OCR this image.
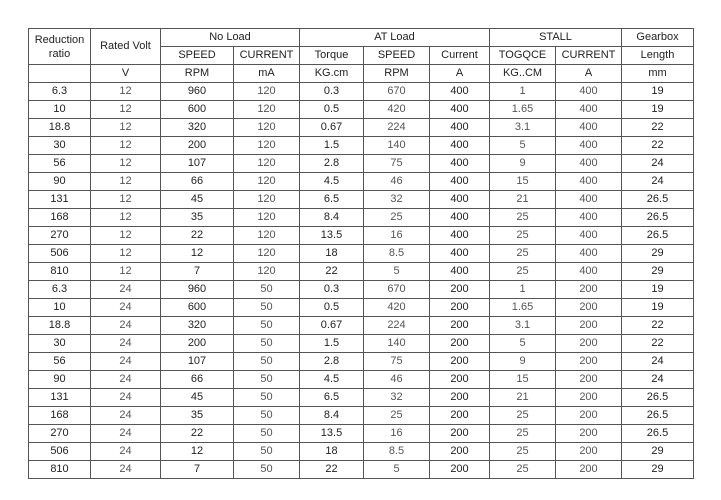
Reduction ratio	Rated Volt	No Load		AT Load			STALL		Gearbox
		SPEED	CURRENT	Torque	SPEED	Current	TOGQCE	CURRENT	Length
	V	RPM	mA	KG.cm	RPM	A	KG..CM	A	mm
6.3	12	960	120	0.3	670	400	1	400	19
10	12	600	120	0.5	420	400	1.65	400	19
18.8	12	320	120	0.67	224	400	3.1	400	22
30	12	200	120	1.5	140	400	5	400	22
56	12	107	120	2.8	75	400	9	400	24
90	12	66	120	4.5	46	400	15	400	24
131	12	45	120	6.5	32	400	21	400	26.5
168	12	35	120	8.4	25	400	25	400	26.5
270	12	22	120	13.5	16	400	25	400	26.5
506	12	12	120	18	8.5	400	25	400	29
810	12	7	120	22	5	400	25	400	29
6.3	24	960	50	0.3	670	200	1	200	19
10	24	600	50	0.5	420	200	1.65	200	19
18.8	24	320	50	0.67	224	200	3.1	200	22
30	24	200	50	1.5	140	200	5	200	22
56	24	107	50	2.8	75	200	9	200	24
90	24	66	50	4.5	46	200	15	200	24
131	24	45	50	6.5	32	200	21	200	26.5
168	24	35	50	8.4	25	200	25	200	26.5
270	24	22	50	13.5	16	200	25	200	26.5
506	24	12	50	18	8.5	200	25	200	29
810	24	7	50	22	5	200	25	200	29
